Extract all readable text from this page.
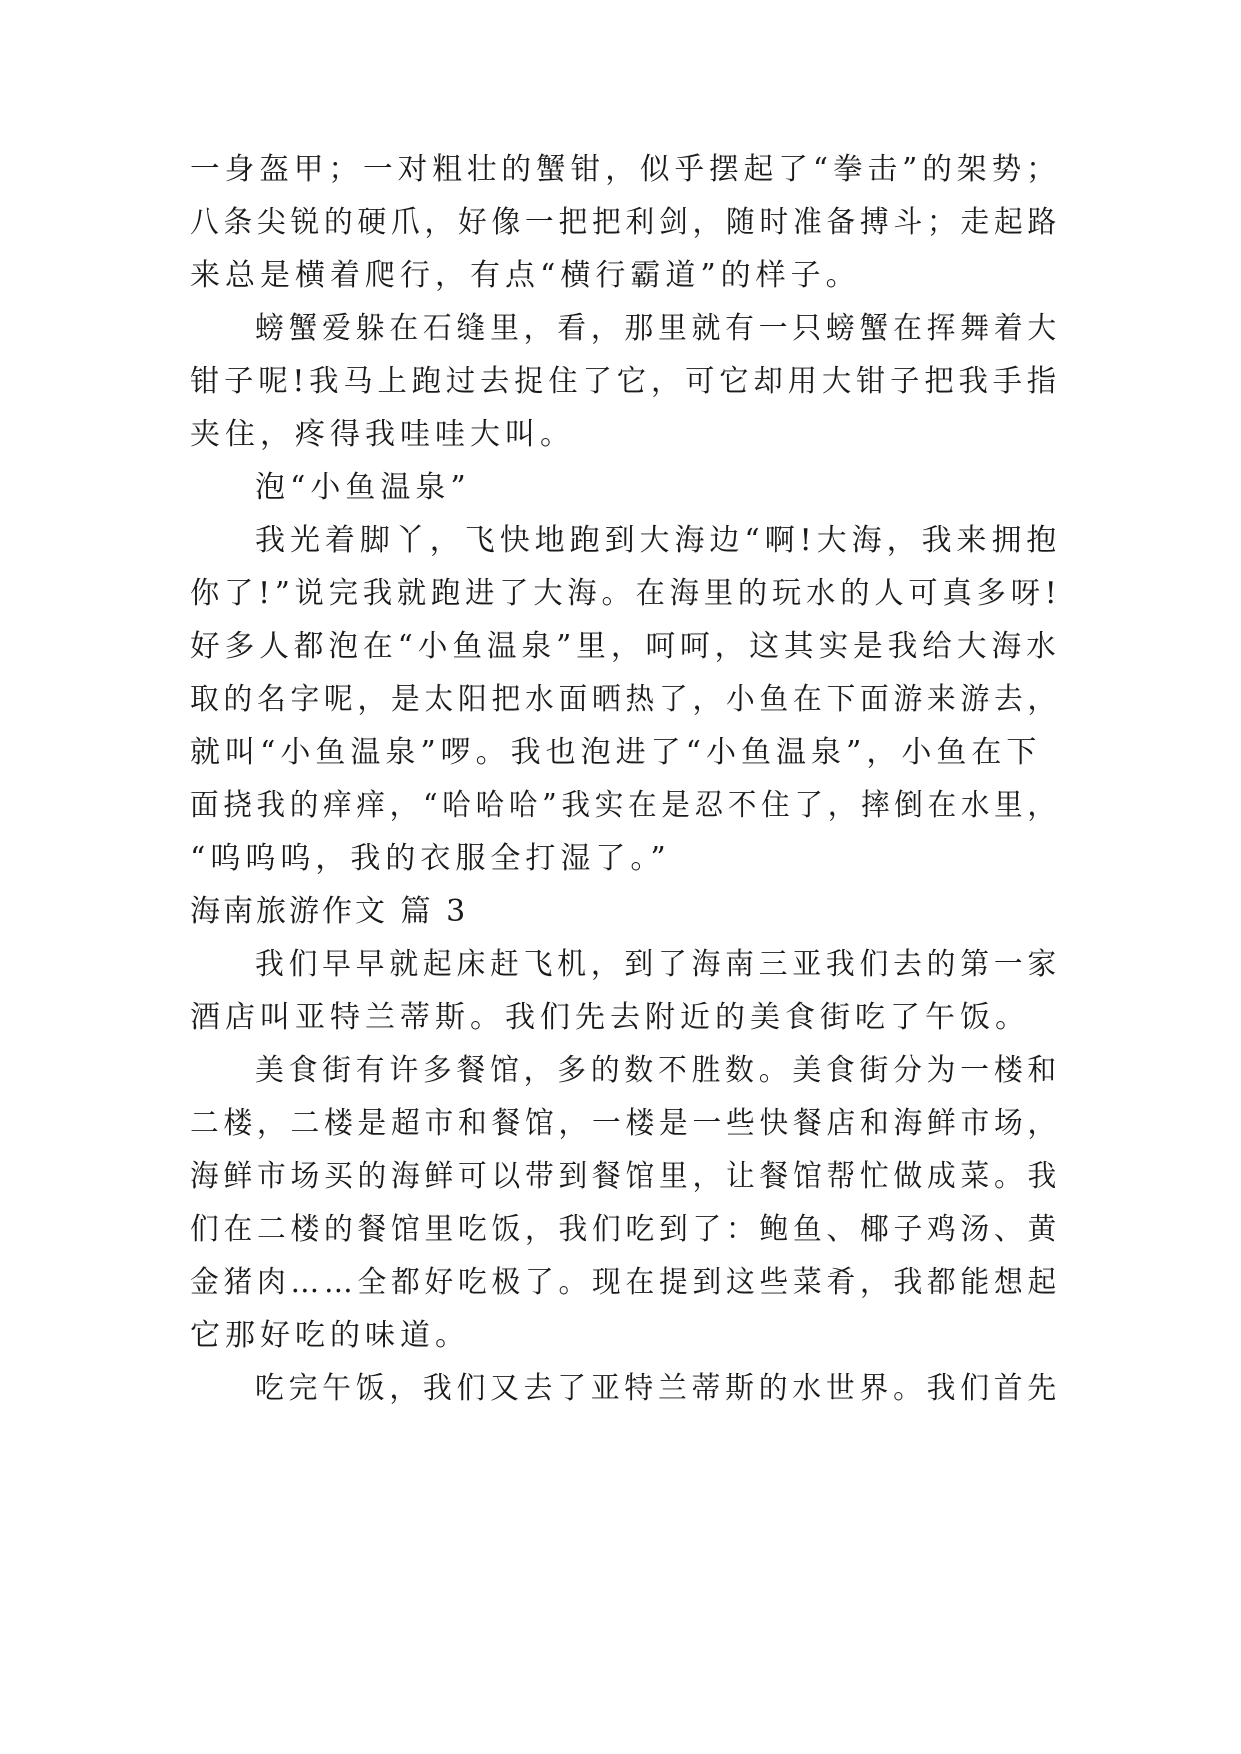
一身盔甲；一对粗壮的蟹钳，似乎摆起了“拳击”的架势；
八条尖锐的硬爪，好像一把把利剑，随时准备搏斗；走起路
来总是横着爬行，有点“横行霸道”的样子。
螃蟹爱躲在石缝里，看，那里就有一只螃蟹在挥舞着大
钳子呢!我马上跑过去捉住了它，可它却用大钳子把我手指
夹住，疼得我哇哇大叫。
泡“小鱼温泉”
我光着脚丫，飞快地跑到大海边“啊!大海，我来拥抱
你了!”说完我就跑进了大海。在海里的玩水的人可真多呀!
好多人都泡在“小鱼温泉”里，呵呵，这其实是我给大海水
取的名字呢，是太阳把水面晒热了，小鱼在下面游来游去，
就叫“小鱼温泉”啰。我也泡进了“小鱼温泉”，小鱼在下
面挠我的痒痒，“哈哈哈”我实在是忍不住了，摔倒在水里，
“呜呜呜，我的衣服全打湿了。”
海南旅游作文 篇 3
我们早早就起床赶飞机，到了海南三亚我们去的第一家
酒店叫亚特兰蒂斯。我们先去附近的美食街吃了午饭。
美食街有许多餐馆，多的数不胜数。美食街分为一楼和
二楼，二楼是超市和餐馆，一楼是一些快餐店和海鲜市场，
海鲜市场买的海鲜可以带到餐馆里，让餐馆帮忙做成菜。我
们在二楼的餐馆里吃饭，我们吃到了：鲍鱼、椰子鸡汤、黄
金猪肉……全都好吃极了。现在提到这些菜肴，我都能想起
它那好吃的味道。
吃完午饭，我们又去了亚特兰蒂斯的水世界。我们首先
